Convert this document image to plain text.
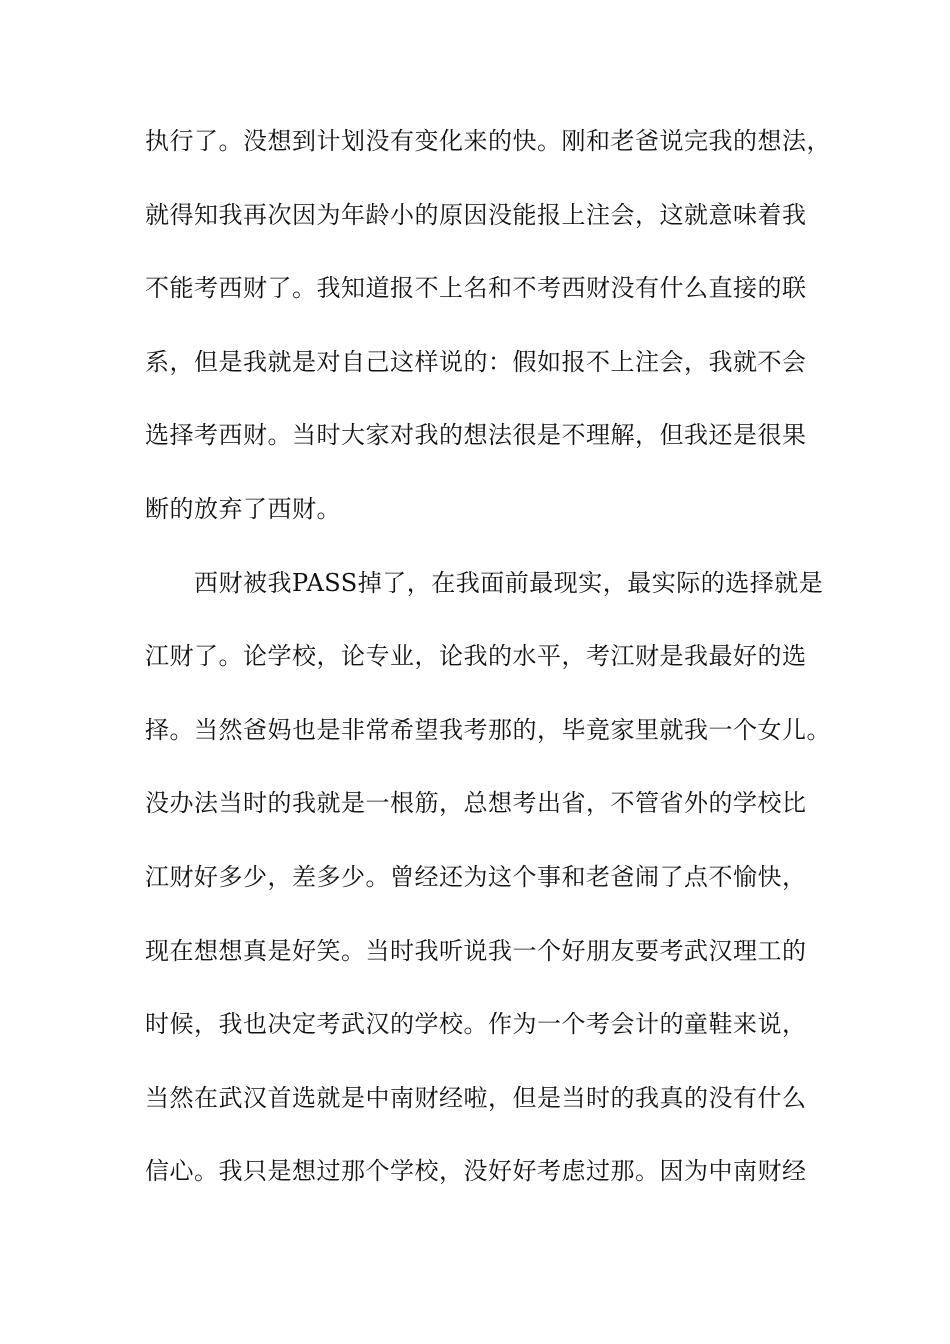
执行了。没想到计划没有变化来的快。刚和老爸说完我的想法，
就得知我再次因为年龄小的原因没能报上注会，这就意味着我
不能考西财了。我知道报不上名和不考西财没有什么直接的联
系，但是我就是对自己这样说的：假如报不上注会，我就不会
选择考西财。当时大家对我的想法很是不理解，但我还是很果
断的放弃了西财。
　　西财被我PASS掉了，在我面前最现实，最实际的选择就是
江财了。论学校，论专业，论我的水平，考江财是我最好的选
择。当然爸妈也是非常希望我考那的，毕竟家里就我一个女儿。
没办法当时的我就是一根筋，总想考出省，不管省外的学校比
江财好多少，差多少。曾经还为这个事和老爸闹了点不愉快，
现在想想真是好笑。当时我听说我一个好朋友要考武汉理工的
时候，我也决定考武汉的学校。作为一个考会计的童鞋来说，
当然在武汉首选就是中南财经啦，但是当时的我真的没有什么
信心。我只是想过那个学校，没好好考虑过那。因为中南财经
